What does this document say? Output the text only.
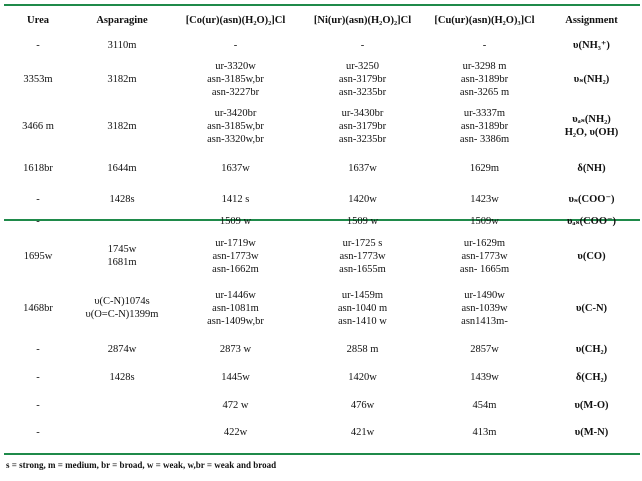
Urea	Asparagine	[Co(ur)(asn)(H₂O)₂]Cl	[Ni(ur)(asn)(H₂O)₂]Cl	[Cu(ur)(asn)(H₂O)₃]Cl	Assignment
-	3110m	-	-	-	υ(NH₃⁺)
3353m	3182m	ur-3320w
asn-3185w,br
asn-3227br	ur-3250
asn-3179br
asn-3235br	ur-3298 m
asn-3189br
asn-3265 m	υₛ(NH₂)
3466 m	3182m	ur-3420br
asn-3185w,br
asn-3320w,br	ur-3430br
asn-3179br
asn-3235br	ur-3337m
asn-3189br
asn- 3386m	υₐₛ(NH₂)
H₂O, υ(OH)
1618br	1644m	1637w	1637w	1629m	δ(NH)
-	1428s	1412 s	1420w	1423w	υₛ(COO⁻)
-		1509 w	1509 w	1509w	υₐₛ(COO⁻)
1695w	1745w
1681m	ur-1719w
asn-1773w
asn-1662m	ur-1725 s
asn-1773w
asn-1655m	ur-1629m
asn-1773w
asn- 1665m	υ(CO)
1468br	υ(C-N)1074s
υ(O=C-N)1399m	ur-1446w
asn-1081m
asn-1409w,br	ur-1459m
asn-1040 m
asn-1410 w	ur-1490w
asn-1039w
asn1413m-	υ(C-N)
-	2874w	2873 w	2858 m	2857w	υ(CH₂)
-	1428s	1445w	1420w	1439w	δ(CH₂)
-		472 w	476w	454m	υ(M-O)
-		422w	421w	413m	υ(M-N)
s = strong, m = medium, br = broad, w = weak, w,br = weak and broad
